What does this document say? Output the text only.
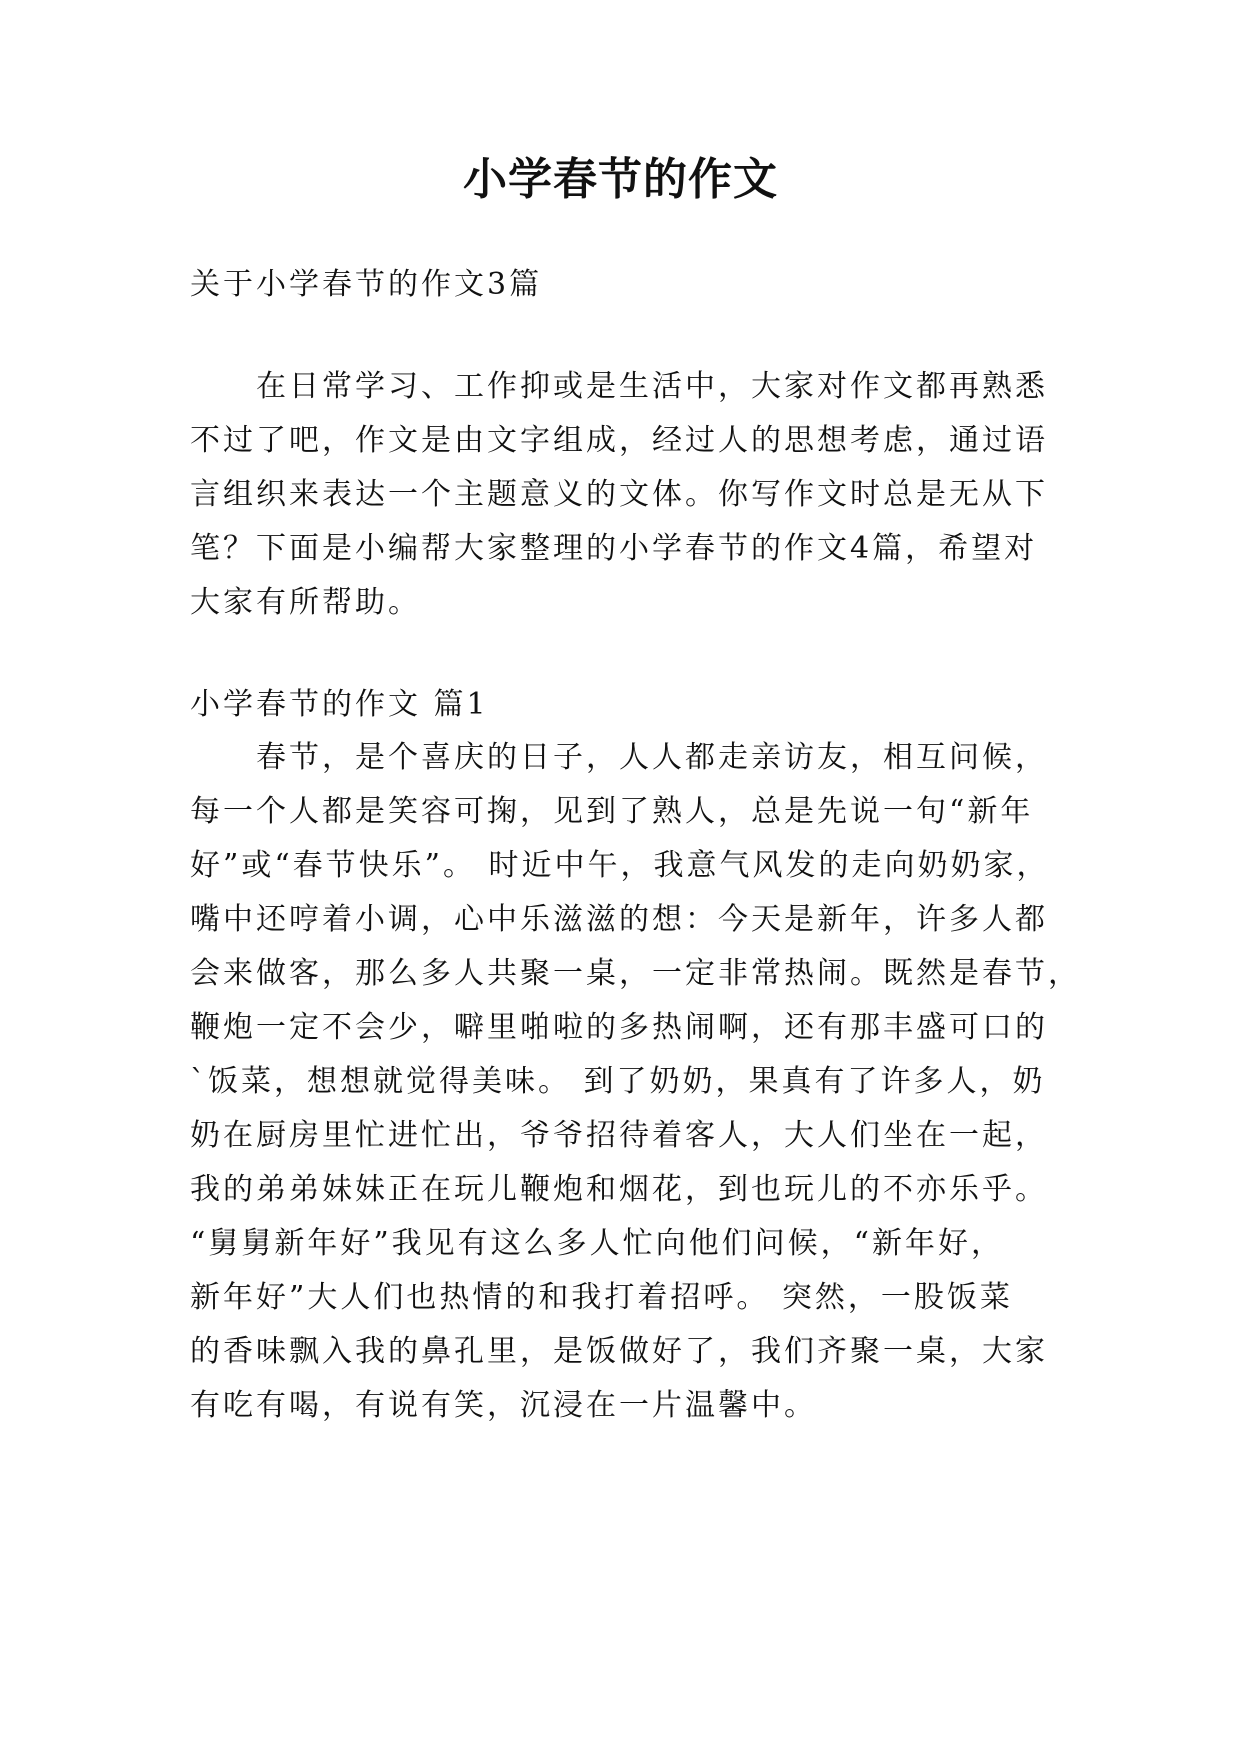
小学春节的作文
关于小学春节的作文3篇
在日常学习、工作抑或是生活中，大家对作文都再熟悉
不过了吧，作文是由文字组成，经过人的思想考虑，通过语
言组织来表达一个主题意义的文体。你写作文时总是无从下
笔？下面是小编帮大家整理的小学春节的作文4篇，希望对
大家有所帮助。
小学春节的作文 篇1
春节，是个喜庆的日子，人人都走亲访友，相互问候，
每一个人都是笑容可掬，见到了熟人，总是先说一句“新年
好”或“春节快乐”。 时近中午，我意气风发的走向奶奶家，
嘴中还哼着小调，心中乐滋滋的想：今天是新年，许多人都
会来做客，那么多人共聚一桌，一定非常热闹。既然是春节，
鞭炮一定不会少，噼里啪啦的多热闹啊，还有那丰盛可口的
`饭菜，想想就觉得美味。 到了奶奶，果真有了许多人，奶
奶在厨房里忙进忙出，爷爷招待着客人，大人们坐在一起，
我的弟弟妹妹正在玩儿鞭炮和烟花，到也玩儿的不亦乐乎。
“舅舅新年好”我见有这么多人忙向他们问候，“新年好，
新年好”大人们也热情的和我打着招呼。 突然，一股饭菜
的香味飘入我的鼻孔里，是饭做好了，我们齐聚一桌，大家
有吃有喝，有说有笑，沉浸在一片温馨中。
